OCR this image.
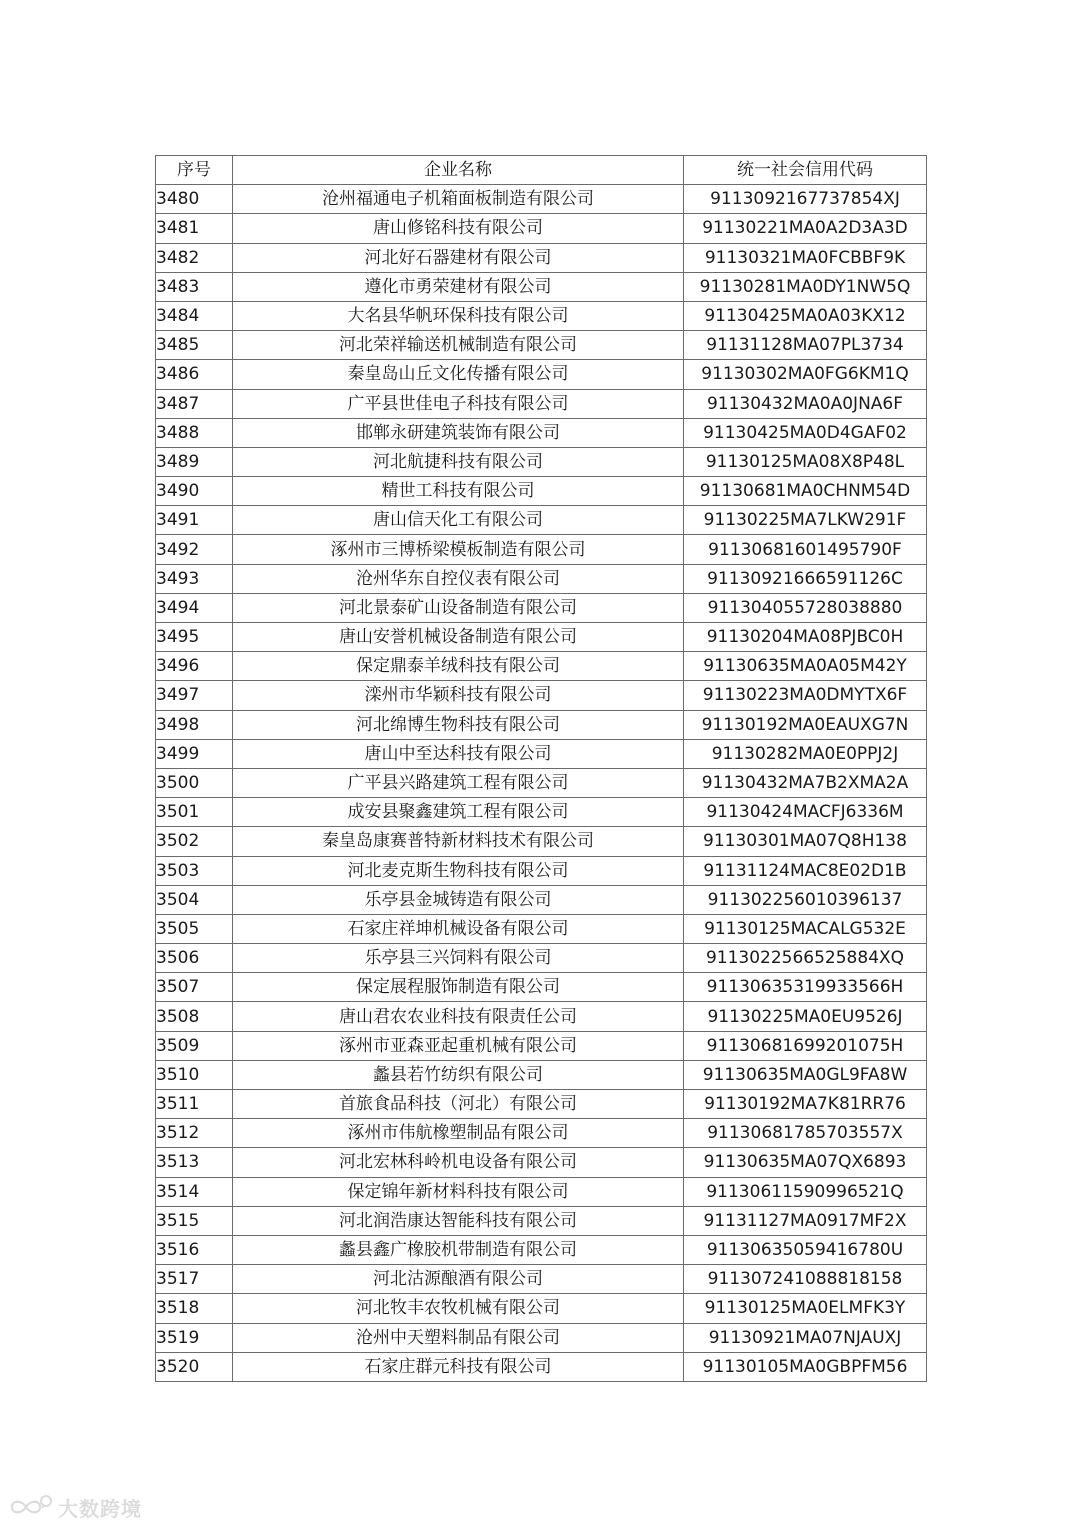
序号	企业名称	统一社会信用代码
3480	沧州福通电子机箱面板制造有限公司	9113092167737854XJ
3481	唐山修铭科技有限公司	91130221MA0A2D3A3D
3482	河北好石器建材有限公司	91130321MA0FCBBF9K
3483	遵化市勇荣建材有限公司	91130281MA0DY1NW5Q
3484	大名县华帆环保科技有限公司	91130425MA0A03KX12
3485	河北荣祥输送机械制造有限公司	91131128MA07PL3734
3486	秦皇岛山丘文化传播有限公司	91130302MA0FG6KM1Q
3487	广平县世佳电子科技有限公司	91130432MA0A0JNA6F
3488	邯郸永研建筑装饰有限公司	91130425MA0D4GAF02
3489	河北航捷科技有限公司	91130125MA08X8P48L
3490	精世工科技有限公司	91130681MA0CHNM54D
3491	唐山信天化工有限公司	91130225MA7LKW291F
3492	涿州市三博桥梁模板制造有限公司	91130681601495790F
3493	沧州华东自控仪表有限公司	91130921666591126C
3494	河北景泰矿山设备制造有限公司	911304055728038880
3495	唐山安誉机械设备制造有限公司	91130204MA08PJBC0H
3496	保定鼎泰羊绒科技有限公司	91130635MA0A05M42Y
3497	滦州市华颖科技有限公司	91130223MA0DMYTX6F
3498	河北绵博生物科技有限公司	91130192MA0EAUXG7N
3499	唐山中至达科技有限公司	91130282MA0E0PPJ2J
3500	广平县兴路建筑工程有限公司	91130432MA7B2XMA2A
3501	成安县聚鑫建筑工程有限公司	91130424MACFJ6336M
3502	秦皇岛康赛普特新材料技术有限公司	91130301MA07Q8H138
3503	河北麦克斯生物科技有限公司	91131124MAC8E02D1B
3504	乐亭县金城铸造有限公司	911302256010396137
3505	石家庄祥坤机械设备有限公司	91130125MACALG532E
3506	乐亭县三兴饲料有限公司	9113022566525884XQ
3507	保定展程服饰制造有限公司	91130635319933566H
3508	唐山君农农业科技有限责任公司	91130225MA0EU9526J
3509	涿州市亚森亚起重机械有限公司	91130681699201075H
3510	蠡县若竹纺织有限公司	91130635MA0GL9FA8W
3511	首旅食品科技（河北）有限公司	91130192MA7K81RR76
3512	涿州市伟航橡塑制品有限公司	91130681785703557X
3513	河北宏林科岭机电设备有限公司	91130635MA07QX6893
3514	保定锦年新材料科技有限公司	91130611590996521Q
3515	河北润浩康达智能科技有限公司	91131127MA0917MF2X
3516	蠡县鑫广橡胶机带制造有限公司	91130635059416780U
3517	河北沽源酿酒有限公司	911307241088818158
3518	河北牧丰农牧机械有限公司	91130125MA0ELMFK3Y
3519	沧州中天塑料制品有限公司	91130921MA07NJAUXJ
3520	石家庄群元科技有限公司	91130105MA0GBPFM56
大数跨境
